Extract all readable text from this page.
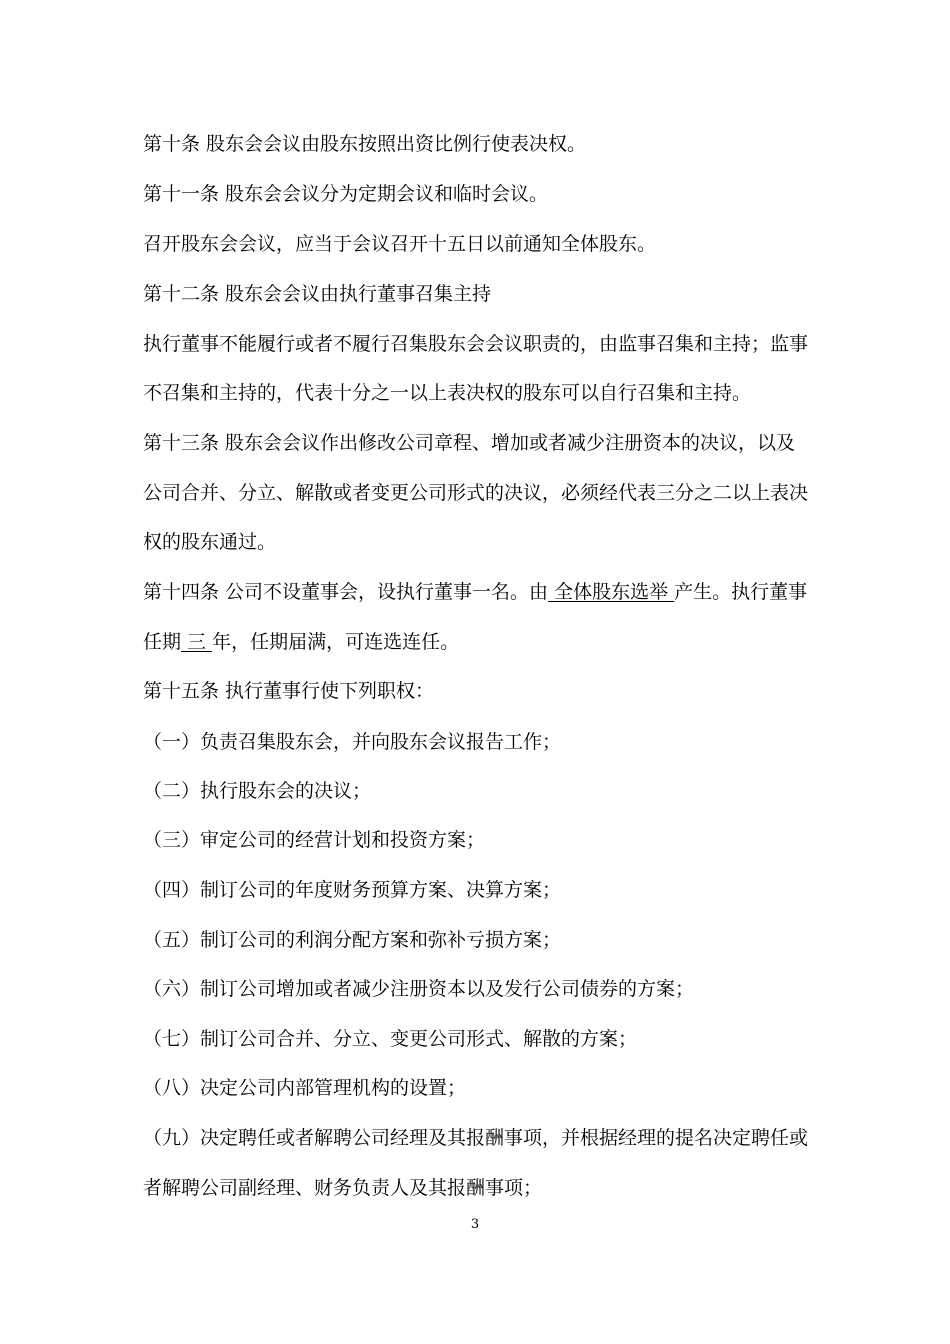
第十条 股东会会议由股东按照出资比例行使表决权。
第十一条 股东会会议分为定期会议和临时会议。
召开股东会会议，应当于会议召开十五日以前通知全体股东。
第十二条 股东会会议由执行董事召集主持
执行董事不能履行或者不履行召集股东会会议职责的，由监事召集和主持；监事
不召集和主持的，代表十分之一以上表决权的股东可以自行召集和主持。
第十三条 股东会会议作出修改公司章程、增加或者减少注册资本的决议，以及
公司合并、分立、解散或者变更公司形式的决议，必须经代表三分之二以上表决
权的股东通过。
第十四条 公司不设董事会，设执行董事一名。由 全体股东选举 产生。执行董事
任期 三 年，任期届满，可连选连任。
第十五条 执行董事行使下列职权：
（一）负责召集股东会，并向股东会议报告工作；
（二）执行股东会的决议；
（三）审定公司的经营计划和投资方案；
（四）制订公司的年度财务预算方案、决算方案；
（五）制订公司的利润分配方案和弥补亏损方案；
（六）制订公司增加或者减少注册资本以及发行公司债券的方案；
（七）制订公司合并、分立、变更公司形式、解散的方案；
（八）决定公司内部管理机构的设置；
（九）决定聘任或者解聘公司经理及其报酬事项，并根据经理的提名决定聘任或
者解聘公司副经理、财务负责人及其报酬事项；
3
